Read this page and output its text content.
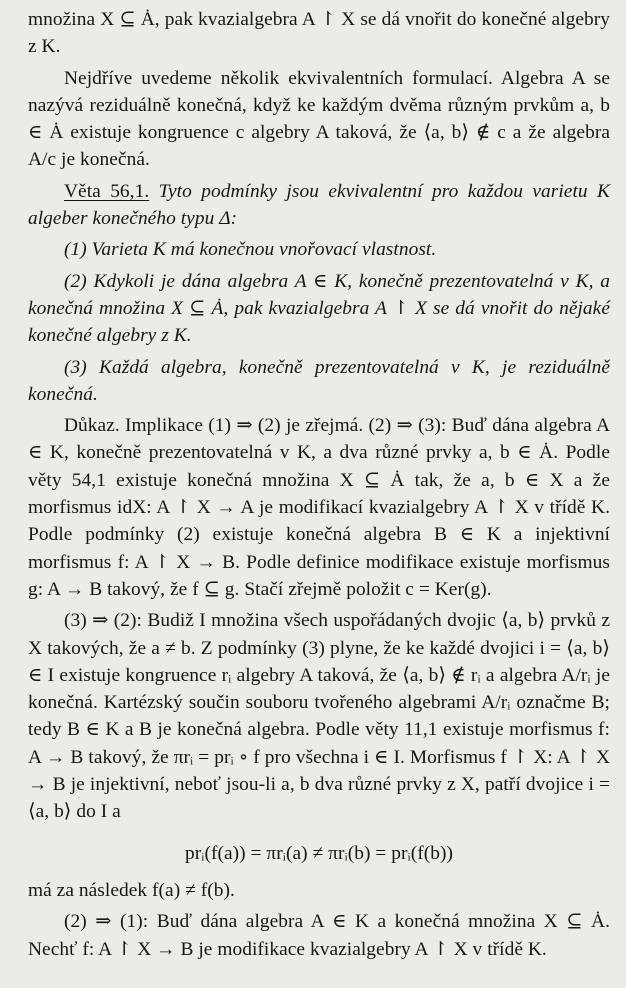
množina X ⊆ Ȧ, pak kvazialgebra A ↾ X se dá vnořit do konečné algebry z K.

Nejdříve uvedeme několik ekvivalentních formulací. Algebra A se nazývá reziduálně konečná, když ke každým dvěma různým prvkům a, b ∈ Ȧ existuje kongruence c algebry A taková, že ⟨a, b⟩ ∉ c a že algebra A/c je konečná.

Věta 56,1. Tyto podmínky jsou ekvivalentní pro každou varietu K algeber konečného typu Δ:

(1) Varieta K má konečnou vnořovací vlastnost.

(2) Kdykoli je dána algebra A ∈ K, konečně prezentovatelná v K, a konečná množina X ⊆ Ȧ, pak kvazialgebra A ↾ X se dá vnořit do nějaké konečné algebry z K.

(3) Každá algebra, konečně prezentovatelná v K, je reziduálně konečná.

Důkaz. Implikace (1) ⇒ (2) je zřejmá. (2) ⇒ (3): Buď dána algebra A ∈ K, konečně prezentovatelná v K, a dva různé prvky a, b ∈ Ȧ. Podle věty 54,1 existuje konečná množina X ⊆ Ȧ tak, že a, b ∈ X a že morfismus idX: A ↾ X → A je modifikací kvazialgebry A ↾ X v třídě K. Podle podmínky (2) existuje konečná algebra B ∈ K a injektivní morfismus f: A ↾ X → B. Podle definice modifikace existuje morfismus g: A → B takový, že f ⊆ g. Stačí zřejmě položit c = Ker(g).

(3) ⇒ (2): Budiž I množina všech uspořádaných dvojic ⟨a, b⟩ prvků z X takových, že a ≠ b. Z podmínky (3) plyne, že ke každé dvojici i = ⟨a, b⟩ ∈ I existuje kongruence rᵢ algebry A taková, že ⟨a, b⟩ ∉ rᵢ a algebra A/rᵢ je konečná. Kartézský součin souboru tvořeného algebrami A/rᵢ označme B; tedy B ∈ K a B je konečná algebra. Podle věty 11,1 existuje morfismus f: A → B takový, že πrᵢ = prᵢ ∘ f pro všechna i ∈ I. Morfismus f ↾ X: A ↾ X → B je injektivní, neboť jsou-li a, b dva různé prvky z X, patří dvojice i = ⟨a, b⟩ do I a

prᵢ(f(a)) = πrᵢ(a) ≠ πrᵢ(b) = prᵢ(f(b))

má za následek f(a) ≠ f(b).

(2) ⇒ (1): Buď dána algebra A ∈ K a konečná množina X ⊆ Ȧ. Nechť f: A ↾ X → B je modifikace kvazialgebry A ↾ X v třídě K.
